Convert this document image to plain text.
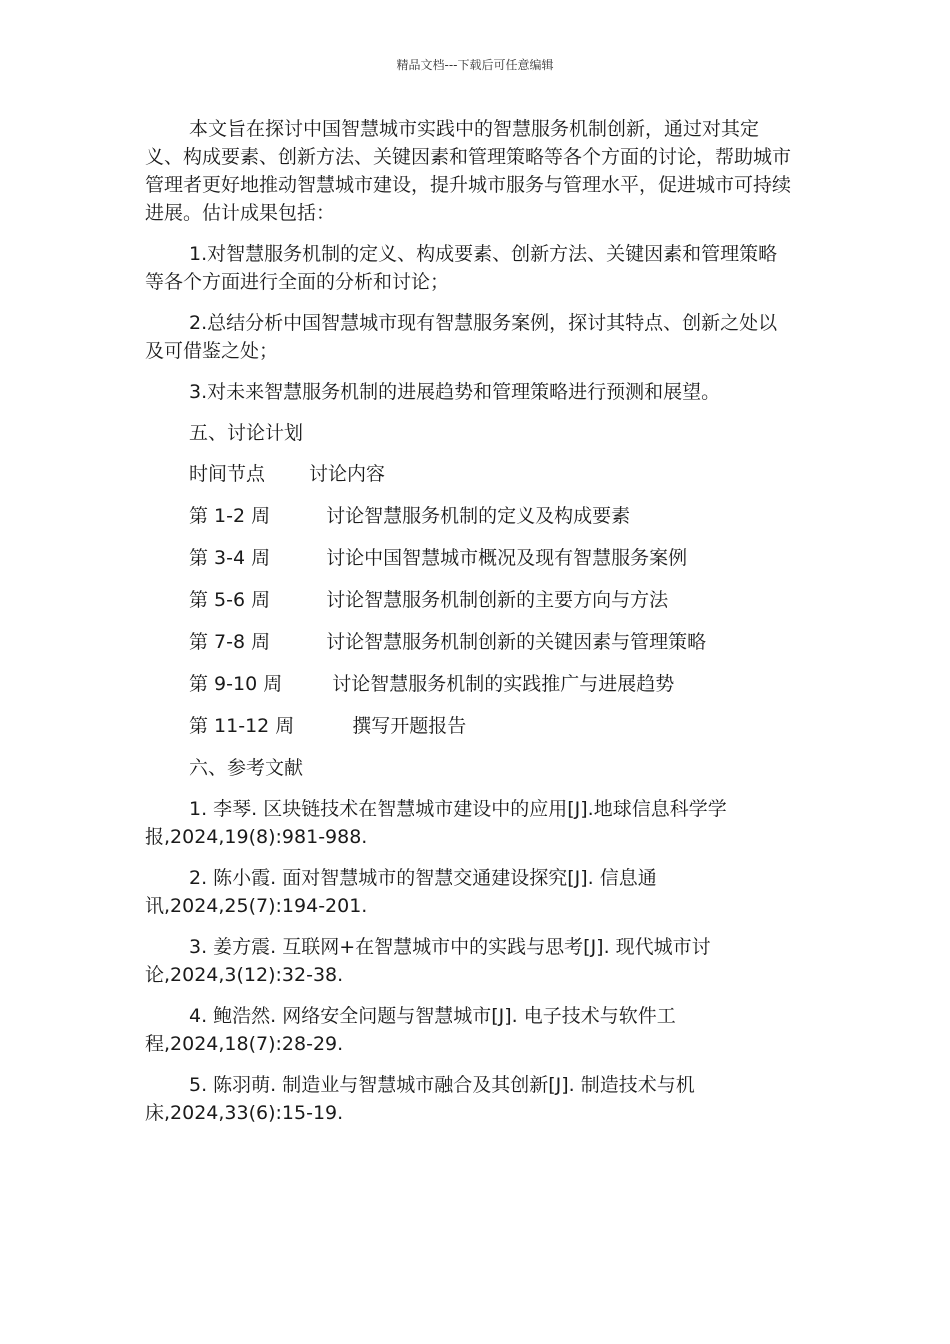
精品文档---下载后可任意编辑

本文旨在探讨中国智慧城市实践中的智慧服务机制创新，通过对其定义、构成要素、创新方法、关键因素和管理策略等各个方面的讨论，帮助城市管理者更好地推动智慧城市建设，提升城市服务与管理水平，促进城市可持续进展。估计成果包括：

1.对智慧服务机制的定义、构成要素、创新方法、关键因素和管理策略等各个方面进行全面的分析和讨论；

2.总结分析中国智慧城市现有智慧服务案例，探讨其特点、创新之处以及可借鉴之处；

3.对未来智慧服务机制的进展趋势和管理策略进行预测和展望。

五、讨论计划
时间节点 讨论内容
第 1-2 周	讨论智慧服务机制的定义及构成要素
第 3-4 周	讨论中国智慧城市概况及现有智慧服务案例
第 5-6 周	讨论智慧服务机制创新的主要方向与方法
第 7-8 周	讨论智慧服务机制创新的关键因素与管理策略
第 9-10 周	讨论智慧服务机制的实践推广与进展趋势
第 11-12 周	撰写开题报告
六、参考文献

1. 李琴. 区块链技术在智慧城市建设中的应用[J].地球信息科学学报,2024,19(8):981-988.

2. 陈小霞. 面对智慧城市的智慧交通建设探究[J]. 信息通讯,2024,25(7):194-201.

3. 姜方震. 互联网+在智慧城市中的实践与思考[J]. 现代城市讨论,2024,3(12):32-38.

4. 鲍浩然. 网络安全问题与智慧城市[J]. 电子技术与软件工程,2024,18(7):28-29.

5. 陈羽萌. 制造业与智慧城市融合及其创新[J]. 制造技术与机床,2024,33(6):15-19.
